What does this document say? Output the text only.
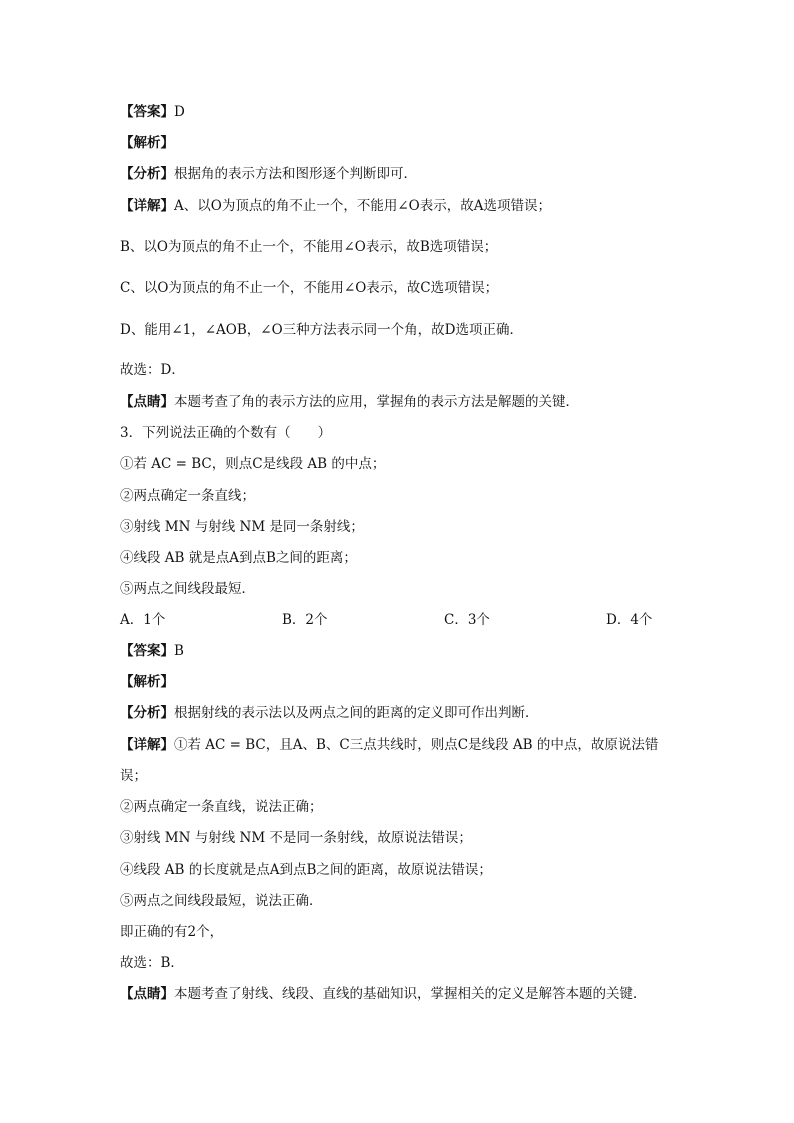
【答案】D
【解析】
【分析】根据角的表示方法和图形逐个判断即可．
【详解】A、以O为顶点的角不止一个，不能用∠O表示，故A选项错误；
B、以O为顶点的角不止一个，不能用∠O表示，故B选项错误；
C、以O为顶点的角不止一个，不能用∠O表示，故C选项错误；
D、能用∠1，∠AOB，∠O三种方法表示同一个角，故D选项正确．
故选：D．
【点睛】本题考查了角的表示方法的应用，掌握角的表示方法是解题的关键．
3．下列说法正确的个数有（　　）
①若 AC = BC，则点C是线段 AB 的中点；
②两点确定一条直线；
③射线 MN 与射线 NM 是同一条射线；
④线段 AB 就是点A到点B之间的距离；
⑤两点之间线段最短．
A．1个	B．2个	C．3个	D．4个
【答案】B
【解析】
【分析】根据射线的表示法以及两点之间的距离的定义即可作出判断．
【详解】①若 AC = BC，且A、B、C三点共线时，则点C是线段 AB 的中点，故原说法错
误；
②两点确定一条直线，说法正确；
③射线 MN 与射线 NM 不是同一条射线，故原说法错误；
④线段 AB 的长度就是点A到点B之间的距离，故原说法错误；
⑤两点之间线段最短，说法正确．
即正确的有2个，
故选：B．
【点睛】本题考查了射线、线段、直线的基础知识，掌握相关的定义是解答本题的关键．
